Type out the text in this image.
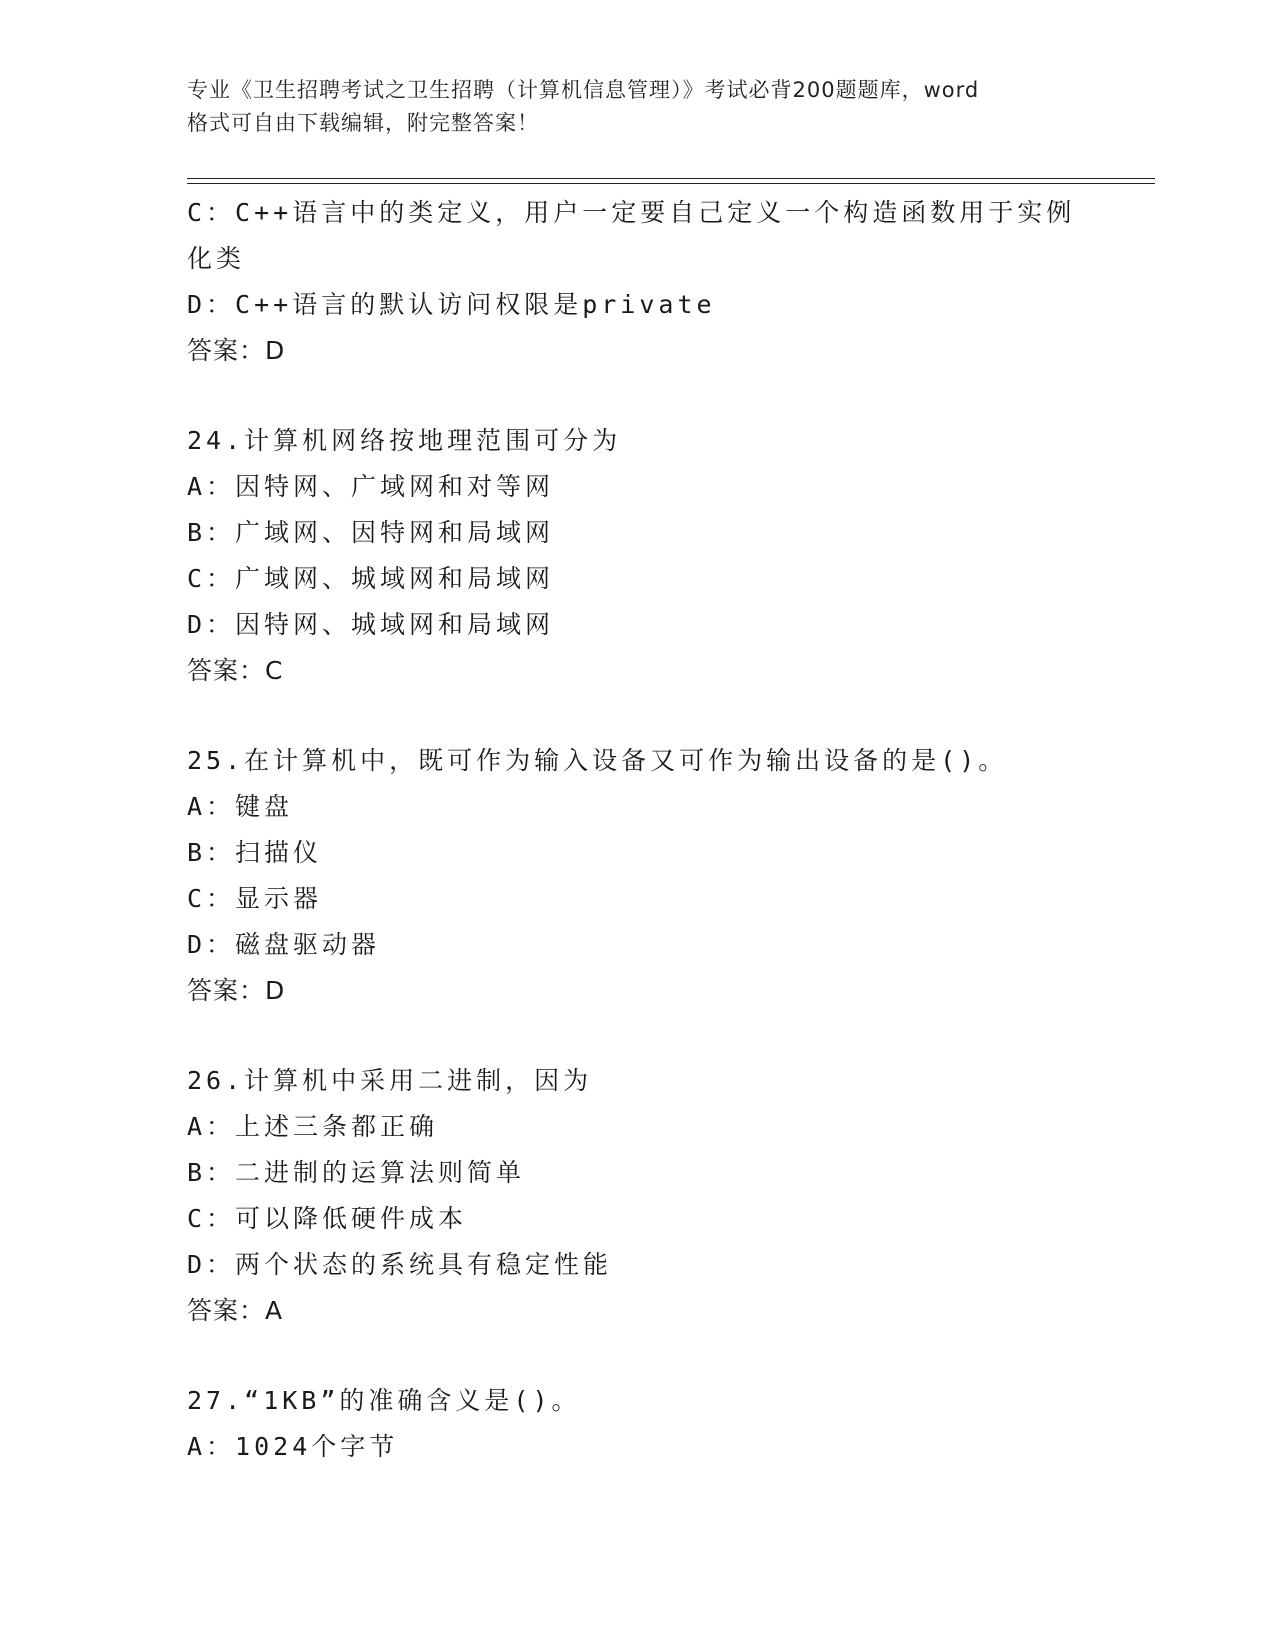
专业《卫生招聘考试之卫生招聘（计算机信息管理）》考试必背200题题库，word
格式可自由下载编辑，附完整答案！
C：C++语言中的类定义，用户一定要自己定义一个构造函数用于实例
化类
D：C++语言的默认访问权限是private
答案：D
24.计算机网络按地理范围可分为
A：因特网、广域网和对等网
B：广域网、因特网和局域网
C：广域网、城域网和局域网
D：因特网、城域网和局域网
答案：C
25.在计算机中，既可作为输入设备又可作为输出设备的是()。
A：键盘
B：扫描仪
C：显示器
D：磁盘驱动器
答案：D
26.计算机中采用二进制，因为
A：上述三条都正确
B：二进制的运算法则简单
C：可以降低硬件成本
D：两个状态的系统具有稳定性能
答案：A
27.“1KB”的准确含义是()。
A：1024个字节
